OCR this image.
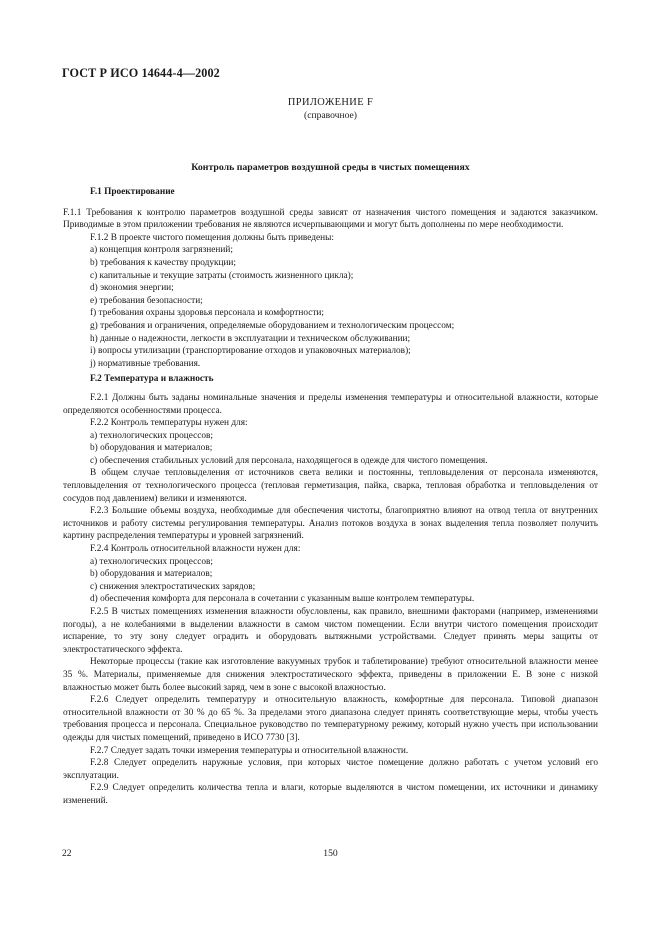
ГОСТ Р ИСО 14644-4—2002
ПРИЛОЖЕНИЕ F
(справочное)
Контроль параметров воздушной среды в чистых помещениях

F.1 Проектирование

F.1.1 Требования к контролю параметров воздушной среды зависят от назначения чистого помещения и задаются заказчиком. Приводимые в этом приложении требования не являются исчерпывающими и могут быть дополнены по мере необходимости.

F.1.2 В проекте чистого помещения должны быть приведены:

a) концепция контроля загрязнений;

b) требования к качеству продукции;

c) капитальные и текущие затраты (стоимость жизненного цикла);

d) экономия энергии;

e) требования безопасности;

f) требования охраны здоровья персонала и комфортности;

g) требования и ограничения, определяемые оборудованием и технологическим процессом;

h) данные о надежности, легкости в эксплуатации и техническом обслуживании;

i) вопросы утилизации (транспортирование отходов и упаковочных материалов);

j) нормативные требования.

F.2 Температура и влажность

F.2.1 Должны быть заданы номинальные значения и пределы изменения температуры и относительной влажности, которые определяются особенностями процесса.

F.2.2 Контроль температуры нужен для:

a) технологических процессов;

b) оборудования и материалов;

c) обеспечения стабильных условий для персонала, находящегося в одежде для чистого помещения.

В общем случае тепловыделения от источников света велики и постоянны, тепловыделения от персонала изменяются, тепловыделения от технологического процесса (тепловая герметизация, пайка, сварка, тепловая обработка и тепловыделения от сосудов под давлением) велики и изменяются.

F.2.3 Большие объемы воздуха, необходимые для обеспечения чистоты, благоприятно влияют на отвод тепла от внутренних источников и работу системы регулирования температуры. Анализ потоков воздуха в зонах выделения тепла позволяет получить картину распределения температуры и уровней загрязнений.

F.2.4 Контроль относительной влажности нужен для:

a) технологических процессов;

b) оборудования и материалов;

c) снижения электростатических зарядов;

d) обеспечения комфорта для персонала в сочетании с указанным выше контролем температуры.

F.2.5 В чистых помещениях изменения влажности обусловлены, как правило, внешними факторами (например, изменениями погоды), а не колебаниями в выделении влажности в самом чистом помещении. Если внутри чистого помещения происходит испарение, то эту зону следует оградить и оборудовать вытяжными устройствами. Следует принять меры защиты от электростатического эффекта.

Некоторые процессы (такие как изготовление вакуумных трубок и таблетирование) требуют относительной влажности менее 35 %. Материалы, применяемые для снижения электростатического эффекта, приведены в приложении Е. В зоне с низкой влажностью может быть более высокий заряд, чем в зоне с высокой влажностью.

F.2.6 Следует определить температуру и относительную влажность, комфортные для персонала. Типовой диапазон относительной влажности от 30 % до 65 %. За пределами этого диапазона следует принять соответствующие меры, чтобы учесть требования процесса и персонала. Специальное руководство по температурному режиму, который нужно учесть при использовании одежды для чистых помещений, приведено в ИСО 7730 [3].

F.2.7 Следует задать точки измерения температуры и относительной влажности.

F.2.8 Следует определить наружные условия, при которых чистое помещение должно работать с учетом условий его эксплуатации.

F.2.9 Следует определить количества тепла и влаги, которые выделяются в чистом помещении, их источники и динамику изменений.

22	150
